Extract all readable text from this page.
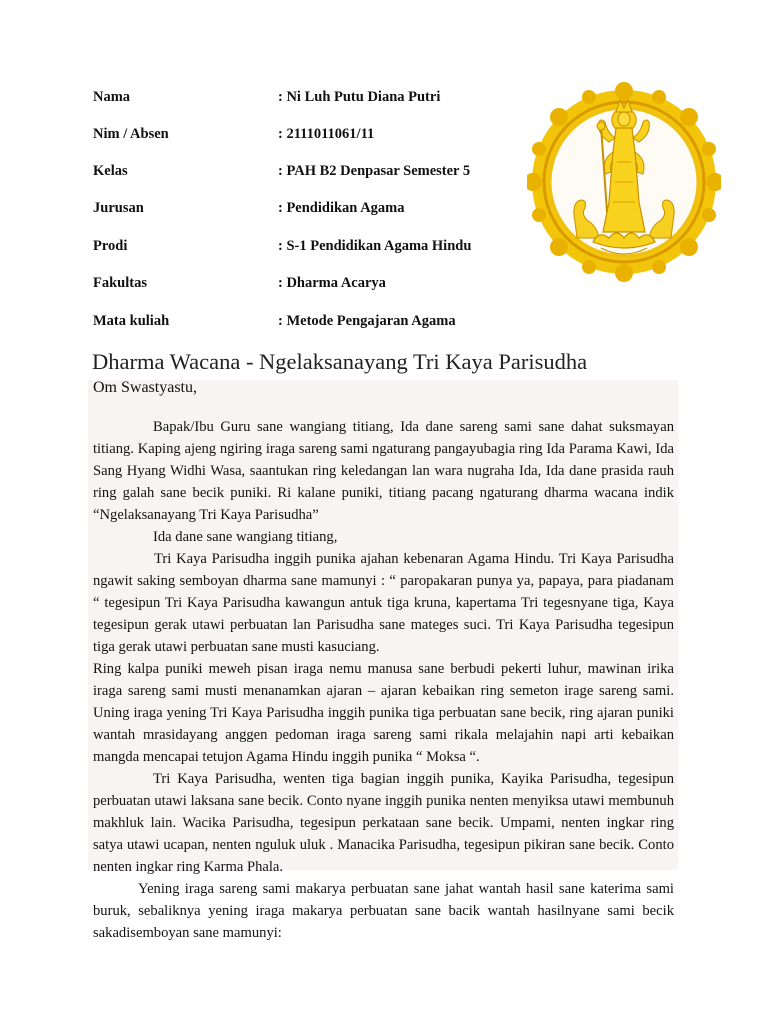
Nama	: Ni Luh Putu Diana Putri
Nim / Absen	: 2111011061/11
Kelas	: PAH B2 Denpasar Semester 5
Jurusan	: Pendidikan Agama
Prodi	: S-1 Pendidikan Agama Hindu
Fakultas	: Dharma Acarya
Mata kuliah	: Metode Pengajaran Agama
Dharma Wacana - Ngelaksanayang Tri Kaya Parisudha
Om Swastyastu,

Bapak/Ibu Guru sane wangiang titiang, Ida dane sareng sami sane dahat suksmayan titiang. Kaping ajeng ngiring iraga sareng sami ngaturang pangayubagia ring Ida Parama Kawi, Ida Sang Hyang Widhi Wasa, saantukan ring keledangan lan wara nugraha Ida, Ida dane prasida rauh ring galah sane becik puniki. Ri kalane puniki, titiang pacang ngaturang dharma wacana indik “Ngelaksanayang Tri Kaya Parisudha”

Ida dane sane wangiang titiang,

Tri Kaya Parisudha inggih punika ajahan kebenaran Agama Hindu. Tri Kaya Parisudha ngawit saking semboyan dharma sane mamunyi : “ paropakaran punya ya, papaya, para piadanam “ tegesipun Tri Kaya Parisudha kawangun antuk tiga kruna, kapertama Tri tegesnyane tiga, Kaya tegesipun gerak utawi perbuatan lan Parisudha sane mateges suci. Tri Kaya Parisudha tegesipun tiga gerak utawi perbuatan sane musti kasuciang.

Ring kalpa puniki meweh pisan iraga nemu manusa sane berbudi pekerti luhur, mawinan irika iraga sareng sami musti menanamkan ajaran – ajaran kebaikan ring semeton irage sareng sami. Uning iraga yening Tri Kaya Parisudha inggih punika tiga perbuatan sane becik, ring ajaran puniki wantah mrasidayang anggen pedoman iraga sareng sami rikala melajahin napi arti kebaikan mangda mencapai tetujon Agama Hindu inggih punika “ Moksa “.

Tri Kaya Parisudha, wenten tiga bagian inggih punika, Kayika Parisudha, tegesipun perbuatan utawi laksana sane becik. Conto nyane inggih punika nenten menyiksa utawi membunuh makhluk lain. Wacika Parisudha, tegesipun perkataan sane becik. Umpami, nenten ingkar ring satya utawi ucapan, nenten nguluk uluk . Manacika Parisudha, tegesipun pikiran sane becik. Conto nenten ingkar ring Karma Phala.

Yening iraga sareng sami makarya perbuatan sane jahat wantah hasil sane katerima sami buruk, sebaliknya yening iraga makarya perbuatan sane bacik wantah hasilnyane sami becik sakadisemboyan sane mamunyi:
